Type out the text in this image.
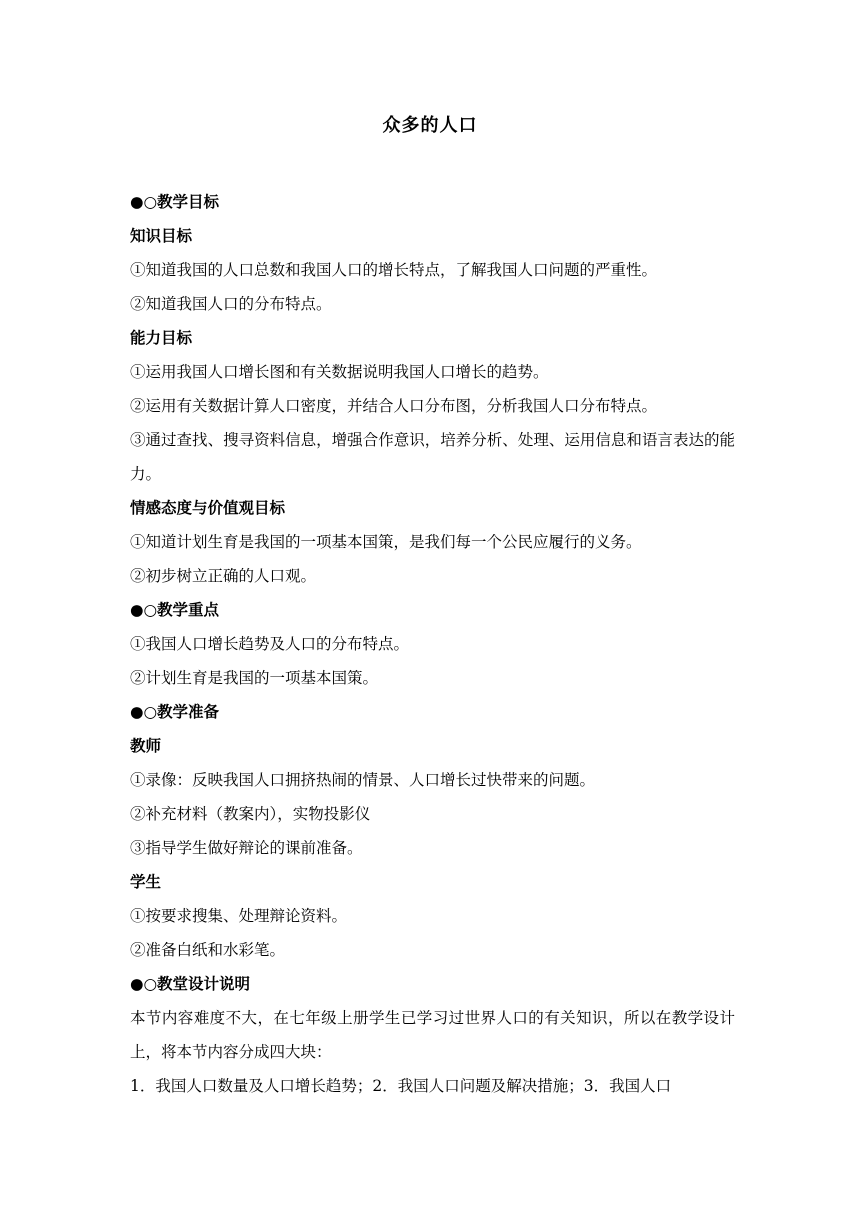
众多的人口
●○教学目标
知识目标
①知道我国的人口总数和我国人口的增长特点，了解我国人口问题的严重性。
②知道我国人口的分布特点。
能力目标
①运用我国人口增长图和有关数据说明我国人口增长的趋势。
②运用有关数据计算人口密度，并结合人口分布图，分析我国人口分布特点。
③通过查找、搜寻资料信息，增强合作意识，培养分析、处理、运用信息和语言表达的能力。
情感态度与价值观目标
①知道计划生育是我国的一项基本国策，是我们每一个公民应履行的义务。
②初步树立正确的人口观。
●○教学重点
①我国人口增长趋势及人口的分布特点。
②计划生育是我国的一项基本国策。
●○教学准备
教师
①录像：反映我国人口拥挤热闹的情景、人口增长过快带来的问题。
②补充材料（教案内），实物投影仪
③指导学生做好辩论的课前准备。
学生
①按要求搜集、处理辩论资料。
②准备白纸和水彩笔。
●○教堂设计说明
本节内容难度不大，在七年级上册学生已学习过世界人口的有关知识，所以在教学设计上，将本节内容分成四大块：
1．我国人口数量及人口增长趋势；2．我国人口问题及解决措施；3．我国人口
